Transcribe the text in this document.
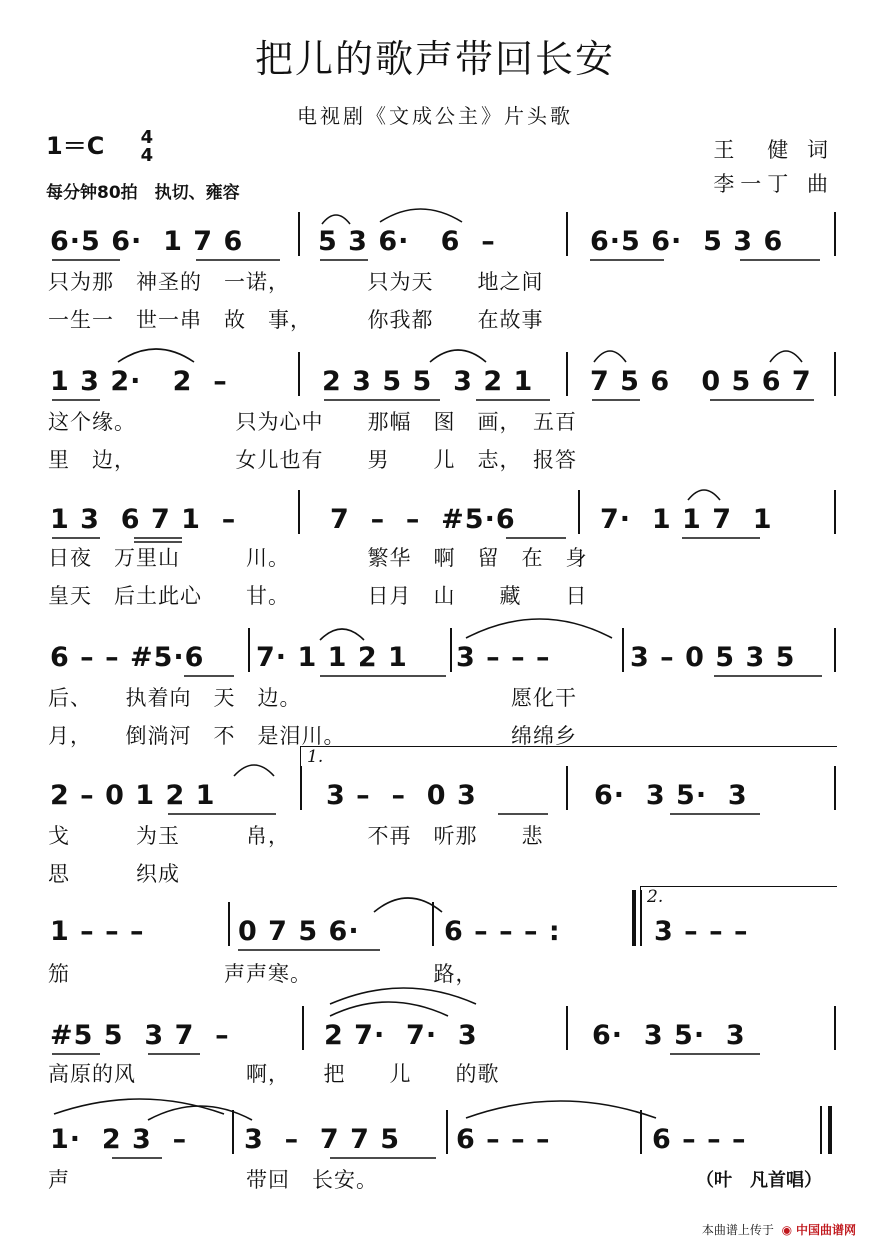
把儿的歌声带回长安
电视剧《文成公主》片头歌
1＝C 4
4
每分钟80拍　执切、雍容
王　健 词
李一丁 曲
6·5 6·  1 7 6	5 3 6·   6  –	6·5 6·  5 3 6
只为那　神圣的　一诺，　　　　只为天　　地之间
一生一　世一串　故　事，　　　你我都　　在故事
1 3 2·   2  –	2 3 5 5  3 2 1 7 5 6   0 5 6 7
这个缘。　　　　　只为心中　　那幅　图　画，　五百
里　边，　　　　　女儿也有　　男　　儿　志，　报答
1 3  6 7 1  –	7  –  –  #5·6	7·  1 1 7  1
日夜　万里山　　　川。　　　　繁华　啊　留　在　身
皇天　后土此心　　甘。　　　　日月　山　　藏　　日
6 – – #5·6 7· 1 1 2 1 3 – – –	3 – 0 5 3 5
后、　　执着向　天　边。　　　　　　　　　　愿化干
月，　　倒淌河　不　是泪川。　　　　　　　　绵绵乡
1.
2 – 0 1 2 1	3 –  –  0 3	6·  3 5·  3
戈　　　为玉　　　帛，　　　　不再　听那　　悲
思　　　织成
2.
1 – – –	0 7 5 6·	6 – – – :	3 – – –
笳　　　　　　　声声寒。　　　　　　路，
#5 5  3 7  –	2 7·  7·  3	6·  3 5·  3
高原的风　　　　　啊，　　把　　儿　　的歌
1·  2 3  – 3  –  7 7 5 6 – – –	6 – – –
声　　　　　　　　带回　长安。	（叶　凡首唱）
本曲谱上传于 ◉ 中国曲谱网
